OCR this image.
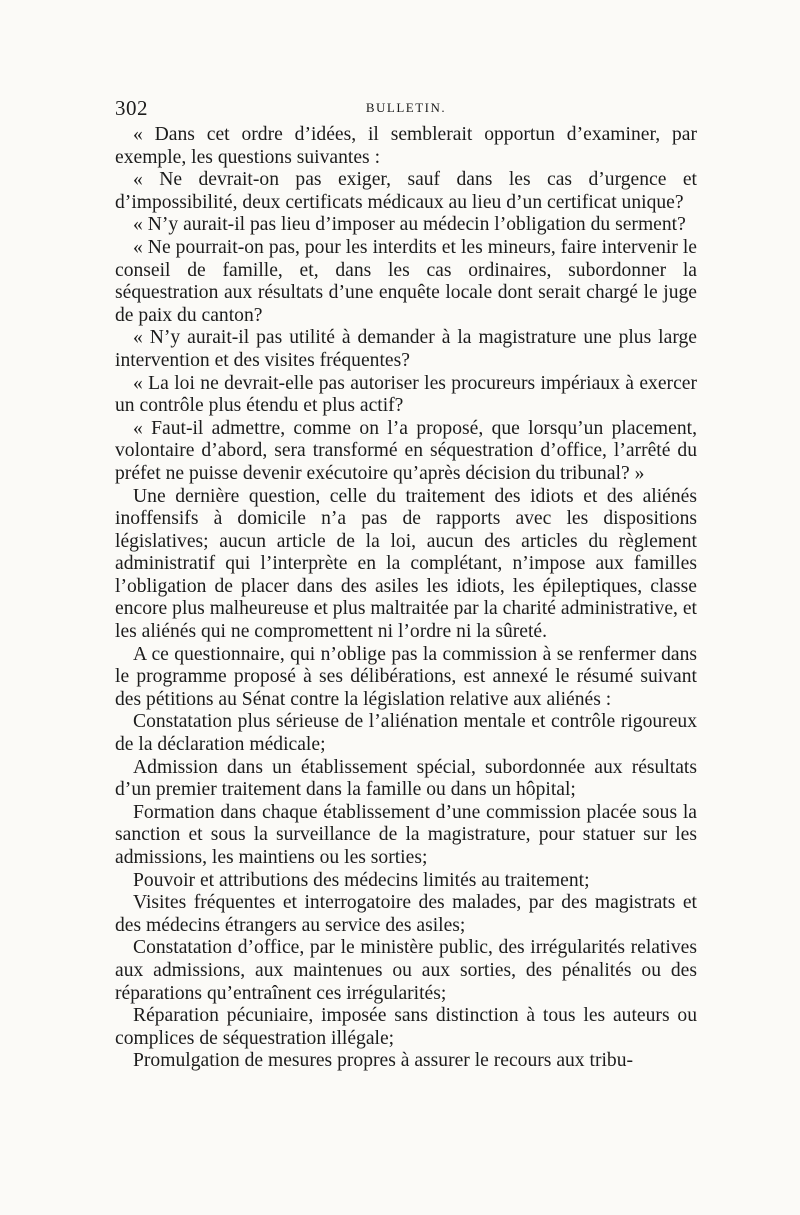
302	BULLETIN.

« Dans cet ordre d’idées, il semblerait opportun d’examiner, par exemple, les questions suivantes :

« Ne devrait-on pas exiger, sauf dans les cas d’urgence et d’impossibilité, deux certificats médicaux au lieu d’un certificat unique?

« N’y aurait-il pas lieu d’imposer au médecin l’obligation du serment?

« Ne pourrait-on pas, pour les interdits et les mineurs, faire intervenir le conseil de famille, et, dans les cas ordinaires, subordonner la séquestration aux résultats d’une enquête locale dont serait chargé le juge de paix du canton?

« N’y aurait-il pas utilité à demander à la magistrature une plus large intervention et des visites fréquentes?

« La loi ne devrait-elle pas autoriser les procureurs impériaux à exercer un contrôle plus étendu et plus actif?

« Faut-il admettre, comme on l’a proposé, que lorsqu’un placement, volontaire d’abord, sera transformé en séquestration d’office, l’arrêté du préfet ne puisse devenir exécutoire qu’après décision du tribunal? »

Une dernière question, celle du traitement des idiots et des aliénés inoffensifs à domicile n’a pas de rapports avec les dispositions législatives; aucun article de la loi, aucun des articles du règlement administratif qui l’interprète en la complétant, n’impose aux familles l’obligation de placer dans des asiles les idiots, les épileptiques, classe encore plus malheureuse et plus maltraitée par la charité administrative, et les aliénés qui ne compromettent ni l’ordre ni la sûreté.

A ce questionnaire, qui n’oblige pas la commission à se renfermer dans le programme proposé à ses délibérations, est annexé le résumé suivant des pétitions au Sénat contre la législation relative aux aliénés :

Constatation plus sérieuse de l’aliénation mentale et contrôle rigoureux de la déclaration médicale;

Admission dans un établissement spécial, subordonnée aux résultats d’un premier traitement dans la famille ou dans un hôpital;

Formation dans chaque établissement d’une commission placée sous la sanction et sous la surveillance de la magistrature, pour statuer sur les admissions, les maintiens ou les sorties;

Pouvoir et attributions des médecins limités au traitement;

Visites fréquentes et interrogatoire des malades, par des magistrats et des médecins étrangers au service des asiles;

Constatation d’office, par le ministère public, des irrégularités relatives aux admissions, aux maintenues ou aux sorties, des pénalités ou des réparations qu’entraînent ces irrégularités;

Réparation pécuniaire, imposée sans distinction à tous les auteurs ou complices de séquestration illégale;

Promulgation de mesures propres à assurer le recours aux tribu-
